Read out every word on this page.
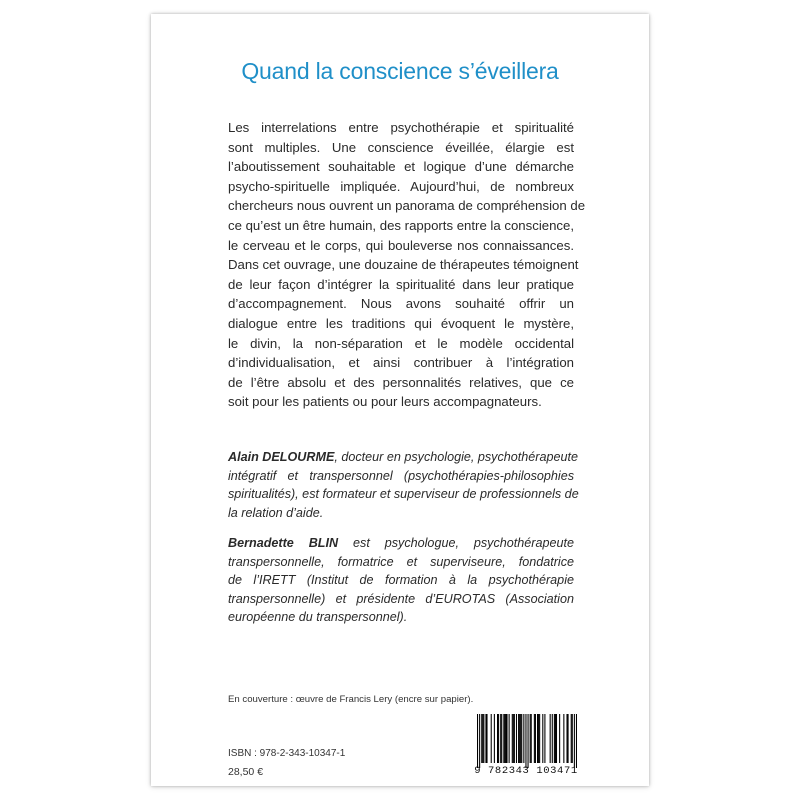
Quand la conscience s’éveillera
Les interrelations entre psychothérapie et spiritualité
sont multiples. Une conscience éveillée, élargie est
l’aboutissement souhaitable et logique d’une démarche
psycho-spirituelle impliquée. Aujourd’hui, de nombreux
chercheurs nous ouvrent un panorama de compréhension de
ce qu’est un être humain, des rapports entre la conscience,
le cerveau et le corps, qui bouleverse nos connaissances.
Dans cet ouvrage, une douzaine de thérapeutes témoignent
de leur façon d’intégrer la spiritualité dans leur pratique
d’accompagnement. Nous avons souhaité offrir un
dialogue entre les traditions qui évoquent le mystère,
le divin, la non-séparation et le modèle occidental
d’individualisation, et ainsi contribuer à l’intégration
de l’être absolu et des personnalités relatives, que ce
soit pour les patients ou pour leurs accompagnateurs.
Alain DELOURME, docteur en psychologie, psychothérapeute
intégratif et transpersonnel (psychothérapies-philosophies
spiritualités), est formateur et superviseur de professionnels de
la relation d’aide.
Bernadette BLIN est psychologue, psychothérapeute
transpersonnelle, formatrice et superviseure, fondatrice
de l’IRETT (Institut de formation à la psychothérapie
transpersonnelle) et présidente d’EUROTAS (Association
européenne du transpersonnel).
En couverture : œuvre de Francis Lery (encre sur papier).
ISBN : 978-2-343-10347-1
28,50 €	9 782343 103471
